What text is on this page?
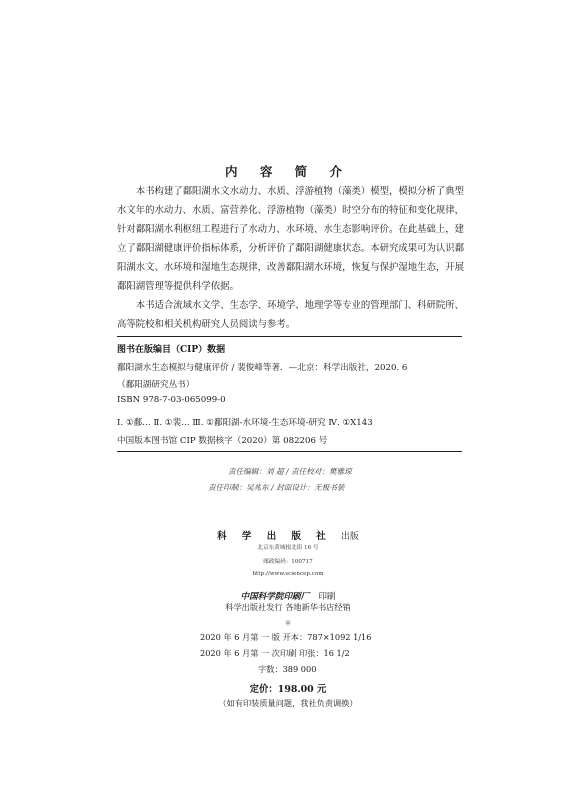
内 容 简 介

本书构建了鄱阳湖水文水动力、水质、浮游植物（藻类）模型，模拟分析了典型水文年的水动力、水质、富营养化、浮游植物（藻类）时空分布的特征和变化规律，针对鄱阳湖水利枢纽工程进行了水动力、水环境、水生态影响评价。在此基础上，建立了鄱阳湖健康评价指标体系，分析评价了鄱阳湖健康状态。本研究成果可为认识鄱阳湖水文、水环境和湿地生态规律，改善鄱阳湖水环境，恢复与保护湿地生态，开展鄱阳湖管理等提供科学依据。

本书适合流域水文学、生态学、环境学、地理学等专业的管理部门、科研院所、高等院校和相关机构研究人员阅读与参考。

图书在版编目（CIP）数据
鄱阳湖水生态模拟与健康评价 / 裴俊峰等著．—北京：科学出版社，2020. 6
（鄱阳湖研究丛书）
ISBN 978-7-03-065099-0
Ⅰ. ①鄱… Ⅱ. ①裴… Ⅲ. ①鄱阳湖-水环境-生态环境-研究 Ⅳ. ①X143
中国版本图书馆 CIP 数据核字（2020）第 082206 号
责任编辑：刘 超 / 责任校对：樊雅琼
责任印制：吴兆东 / 封面设计：无极书装
科 学 出 版 社 出版
北京东黄城根北街 16 号
邮政编码：100717
http://www.sciencep.com
中国科学院印刷厂 印刷
科学出版社发行 各地新华书店经销
＊
2020 年 6 月第 一 版 开本：787×1092 1/16
2020 年 6 月第 一 次印刷 印张：16 1/2
字数：389 000
定价：198.00 元
（如有印装质量问题，我社负责调换）
